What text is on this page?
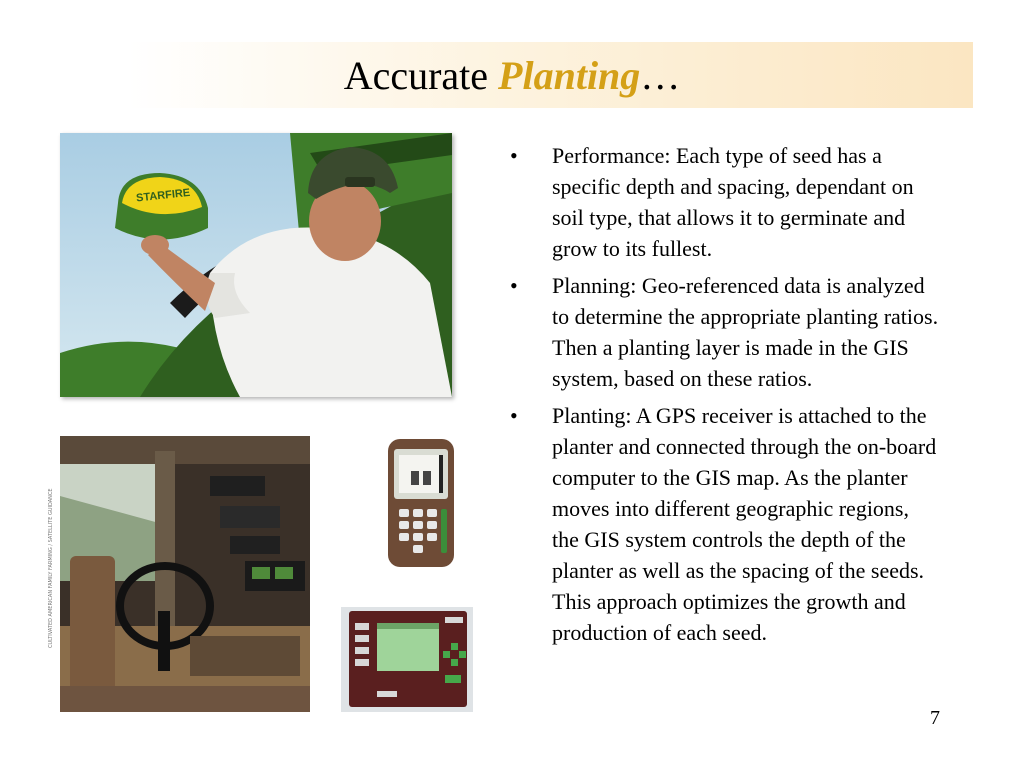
Accurate Planting…
STARFIRE
CULTIVATED AMERICAN FAMILY FARMING / SATELLITE GUIDANCE
• Performance: Each type of seed has a specific depth and spacing, dependant on soil type, that allows it to germinate and grow to its fullest.
• Planning: Geo-referenced data is analyzed to determine the appropriate planting ratios. Then a planting layer is made in the GIS system, based on these ratios.
• Planting: A GPS receiver is attached to the planter and connected through the on-board computer to the GIS map. As the planter moves into different geographic regions, the GIS system controls the depth of the planter as well as the spacing of the seeds. This approach optimizes the growth and production of each seed.
7
